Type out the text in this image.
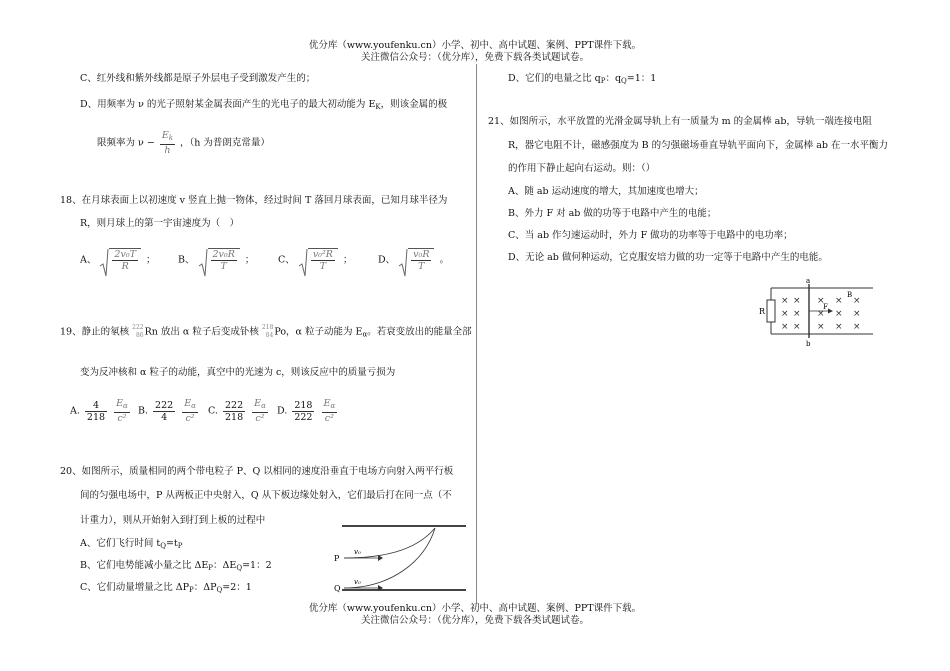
优分库（www.youfenku.cn）小学、初中、高中试题、案例、PPT课件下载。
关注微信公众号：（优分库），免费下载各类试题试卷。
C、红外线和紫外线都是原子外层电子受到激发产生的；
D、用频率为 ν 的光子照射某金属表面产生的光电子的最大初动能为 $E_K$，则该金属的极
限频率为 $\nu - \frac{E_k}{h}$ ，（h 为普朗克常量）
18、在月球表面上以初速度 v 竖直上抛一物体，经过时间 T 落回月球表面，已知月球半径为
R，则月球上的第一宇宙速度为（　）
A、 $\frac{\text{2v₀T}}{R}$ ； B、 $\frac{\text{2v₀R}}{T}$ ； C、 $\frac{\text{v₀²R}}{T}$ ；	D、 $\frac{\text{v₀R}}{T}$ 。
19、静止的氡核 222
86 Rn 放出 α 粒子后变成钋核 218
84 Po，α 粒子动能为 $E_\alpha$。若衰变放出的能量全部
变为反冲核和 α 粒子的动能，真空中的光速为 c，则该反应中的质量亏损为
A. $\frac{4}{218}$
$\frac{E_\alpha}{\text{c²}} B$. $\frac{222}{4}$
$\frac{E_\alpha}{\text{c²}} C$. $\frac{222}{218}$
$\frac{E_\alpha}{\text{c²}} D$. $\frac{218}{222}$
$\frac{E_\alpha}{\text{c²}}$
20、如图所示，质量相同的两个带电粒子 P、Q 以相同的速度沿垂直于电场方向射入两平行板
间的匀强电场中，P 从两板正中央射入，Q 从下板边缘处射入，它们最后打在同一点（不
计重力），则从开始射入到打到上板的过程中
A、它们飞行时间 $t_Q=t_P$
B、它们电势能减小量之比 $\Delta E_P$：$\Delta E_Q=1$：2
C、它们动量增量之比 $\Delta P_P$：$\Delta P_Q=2$：1
P
Q
v₀
v₀
D、它们的电量之比 $q_P$：$q_Q=1$：1
21、如图所示，水平放置的光滑金属导轨上有一质量为 m 的金属棒 ab，导轨一端连接电阻
R，器它电阻不计，磁感强度为 B 的匀强磁场垂直导轨平面向下，金属棒 ab 在一水平衡力
的作用下静止起向右运动。则：（）
A、随 ab 运动速度的增大，其加速度也增大；
B、外力 F 对 ab 做的功等于电路中产生的电能；
C、当 ab 作匀速运动时，外力 F 做功的功率等于电路中的电功率；
D、无论 ab 做何种运动，它克服安培力做的功一定等于电路中产生的电能。
× × × × ×
× × × × ×
× × × × ×
R
a
b
B
F
优分库（www.youfenku.cn）小学、初中、高中试题、案例、PPT课件下载。
关注微信公众号：（优分库），免费下载各类试题试卷。
